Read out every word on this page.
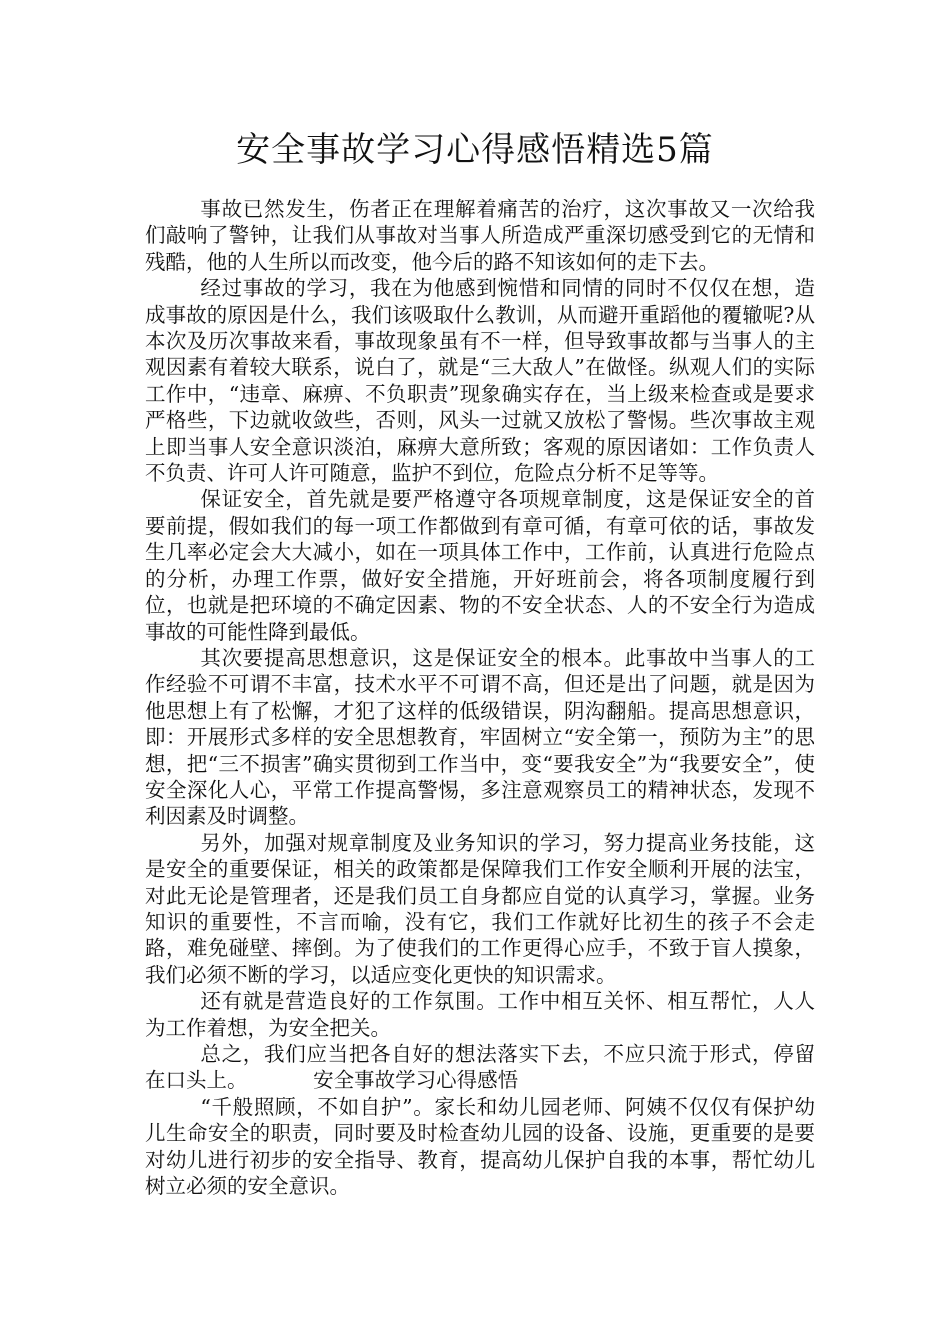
安全事故学习心得感悟精选5篇

事故已然发生，伤者正在理解着痛苦的治疗，这次事故又一次给我们敲响了警钟，让我们从事故对当事人所造成严重深切感受到它的无情和残酷，他的人生所以而改变，他今后的路不知该如何的走下去。

经过事故的学习，我在为他感到惋惜和同情的同时不仅仅在想，造成事故的原因是什么，我们该吸取什么教训，从而避开重蹈他的覆辙呢?从本次及历次事故来看，事故现象虽有不一样，但导致事故都与当事人的主观因素有着较大联系，说白了，就是“三大敌人”在做怪。纵观人们的实际工作中，“违章、麻痹、不负职责”现象确实存在，当上级来检查或是要求严格些，下边就收敛些，否则，风头一过就又放松了警惕。些次事故主观上即当事人安全意识淡泊，麻痹大意所致；客观的原因诸如：工作负责人不负责、许可人许可随意，监护不到位，危险点分析不足等等。

保证安全，首先就是要严格遵守各项规章制度，这是保证安全的首要前提，假如我们的每一项工作都做到有章可循，有章可依的话，事故发生几率必定会大大减小，如在一项具体工作中，工作前，认真进行危险点的分析，办理工作票，做好安全措施，开好班前会，将各项制度履行到位，也就是把环境的不确定因素、物的不安全状态、人的不安全行为造成事故的可能性降到最低。

其次要提高思想意识，这是保证安全的根本。此事故中当事人的工作经验不可谓不丰富，技术水平不可谓不高，但还是出了问题，就是因为他思想上有了松懈，才犯了这样的低级错误，阴沟翻船。提高思想意识，即：开展形式多样的安全思想教育，牢固树立“安全第一，预防为主”的思想，把“三不损害”确实贯彻到工作当中，变“要我安全”为“我要安全”，使安全深化人心，平常工作提高警惕，多注意观察员工的精神状态，发现不利因素及时调整。

另外，加强对规章制度及业务知识的学习，努力提高业务技能，这是安全的重要保证，相关的政策都是保障我们工作安全顺利开展的法宝，对此无论是管理者，还是我们员工自身都应自觉的认真学习，掌握。业务知识的重要性，不言而喻，没有它，我们工作就好比初生的孩子不会走路，难免碰壁、摔倒。为了使我们的工作更得心应手，不致于盲人摸象，我们必须不断的学习，以适应变化更快的知识需求。

还有就是营造良好的工作氛围。工作中相互关怀、相互帮忙，人人为工作着想，为安全把关。

总之，我们应当把各自好的想法落实下去，不应只流于形式，停留在口头上。	安全事故学习心得感悟

“千般照顾，不如自护”。家长和幼儿园老师、阿姨不仅仅有保护幼儿生命安全的职责，同时要及时检查幼儿园的设备、设施，更重要的是要对幼儿进行初步的安全指导、教育，提高幼儿保护自我的本事，帮忙幼儿树立必须的安全意识。
